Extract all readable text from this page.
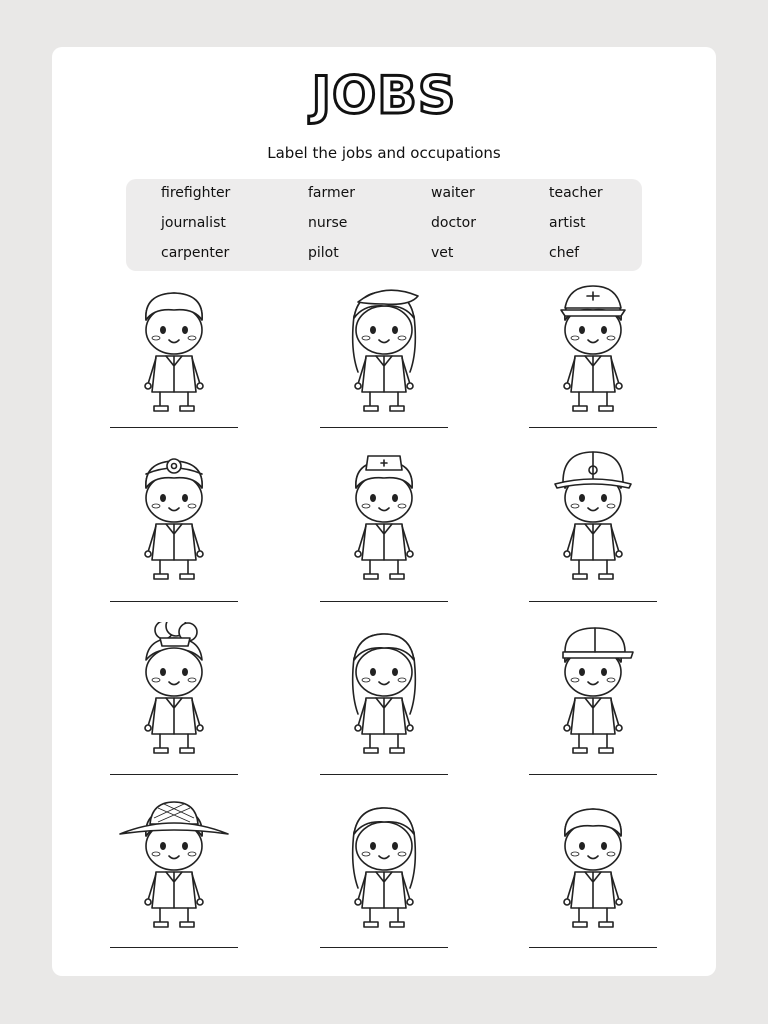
JOBS
Label the jobs and occupations
firefighter
journalist
carpenter
farmer
nurse
pilot
waiter
doctor
vet
teacher
artist
chef
